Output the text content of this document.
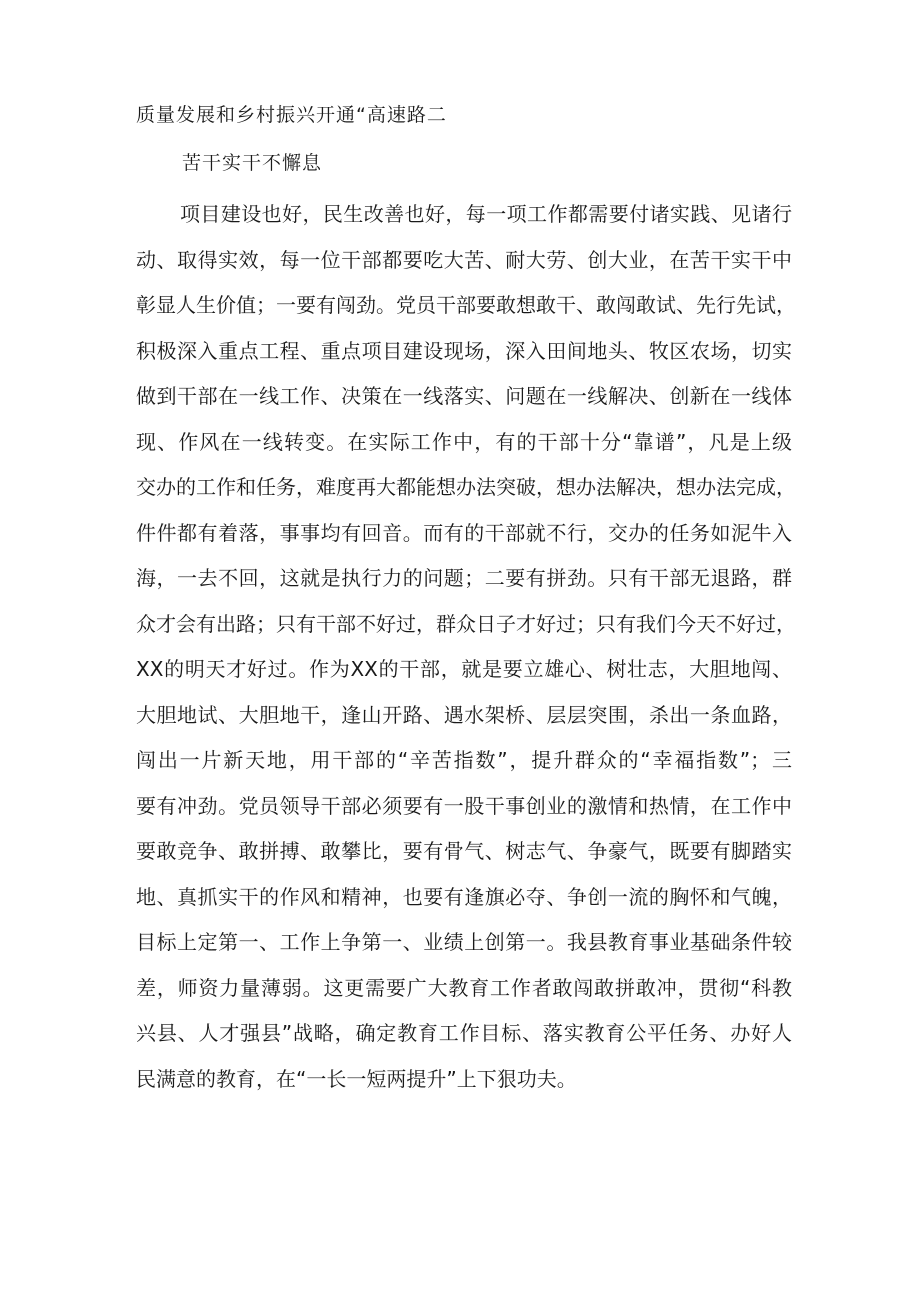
质量发展和乡村振兴开通“高速路二
苦干实干不懈息
项目建设也好，民生改善也好，每一项工作都需要付诸实践、见诸行
动、取得实效，每一位干部都要吃大苦、耐大劳、创大业，在苦干实干中
彰显人生价值；一要有闯劲。党员干部要敢想敢干、敢闯敢试、先行先试，
积极深入重点工程、重点项目建设现场，深入田间地头、牧区农场，切实
做到干部在一线工作、决策在一线落实、问题在一线解决、创新在一线体
现、作风在一线转变。在实际工作中，有的干部十分“靠谱”，凡是上级
交办的工作和任务，难度再大都能想办法突破，想办法解决，想办法完成，
件件都有着落，事事均有回音。而有的干部就不行，交办的任务如泥牛入
海，一去不回，这就是执行力的问题；二要有拼劲。只有干部无退路，群
众才会有出路；只有干部不好过，群众日子才好过；只有我们今天不好过，
XX的明天才好过。作为XX的干部，就是要立雄心、树壮志，大胆地闯、
大胆地试、大胆地干，逢山开路、遇水架桥、层层突围，杀出一条血路，
闯出一片新天地，用干部的“辛苦指数”，提升群众的“幸福指数”；三
要有冲劲。党员领导干部必须要有一股干事创业的激情和热情，在工作中
要敢竞争、敢拼搏、敢攀比，要有骨气、树志气、争豪气，既要有脚踏实
地、真抓实干的作风和精神，也要有逢旗必夺、争创一流的胸怀和气魄，
目标上定第一、工作上争第一、业绩上创第一。我县教育事业基础条件较
差，师资力量薄弱。这更需要广大教育工作者敢闯敢拼敢冲，贯彻“科教
兴县、人才强县”战略，确定教育工作目标、落实教育公平任务、办好人
民满意的教育，在“一长一短两提升”上下狠功夫。
